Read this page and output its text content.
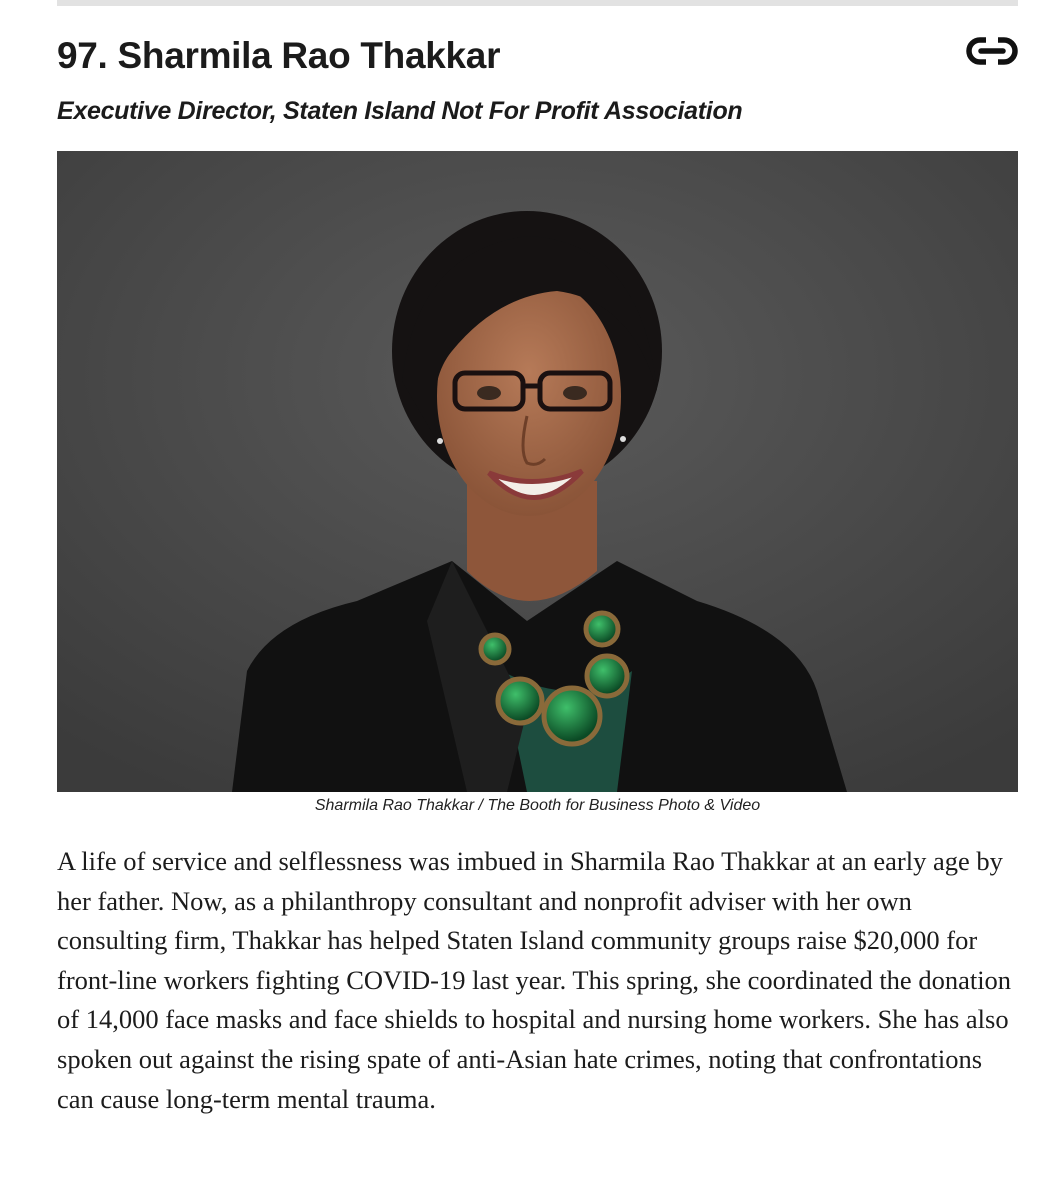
97. Sharmila Rao Thakkar
Executive Director, Staten Island Not For Profit Association
Sharmila Rao Thakkar / The Booth for Business Photo & Video

A life of service and selflessness was imbued in Sharmila Rao Thakkar at an early age by her father. Now, as a philanthropy consultant and nonprofit adviser with her own consulting firm, Thakkar has helped Staten Island community groups raise $20,000 for front-line workers fighting COVID-19 last year. This spring, she coordinated the donation of 14,000 face masks and face shields to hospital and nursing home workers. She has also spoken out against the rising spate of anti-Asian hate crimes, noting that confrontations can cause long-term mental trauma.
